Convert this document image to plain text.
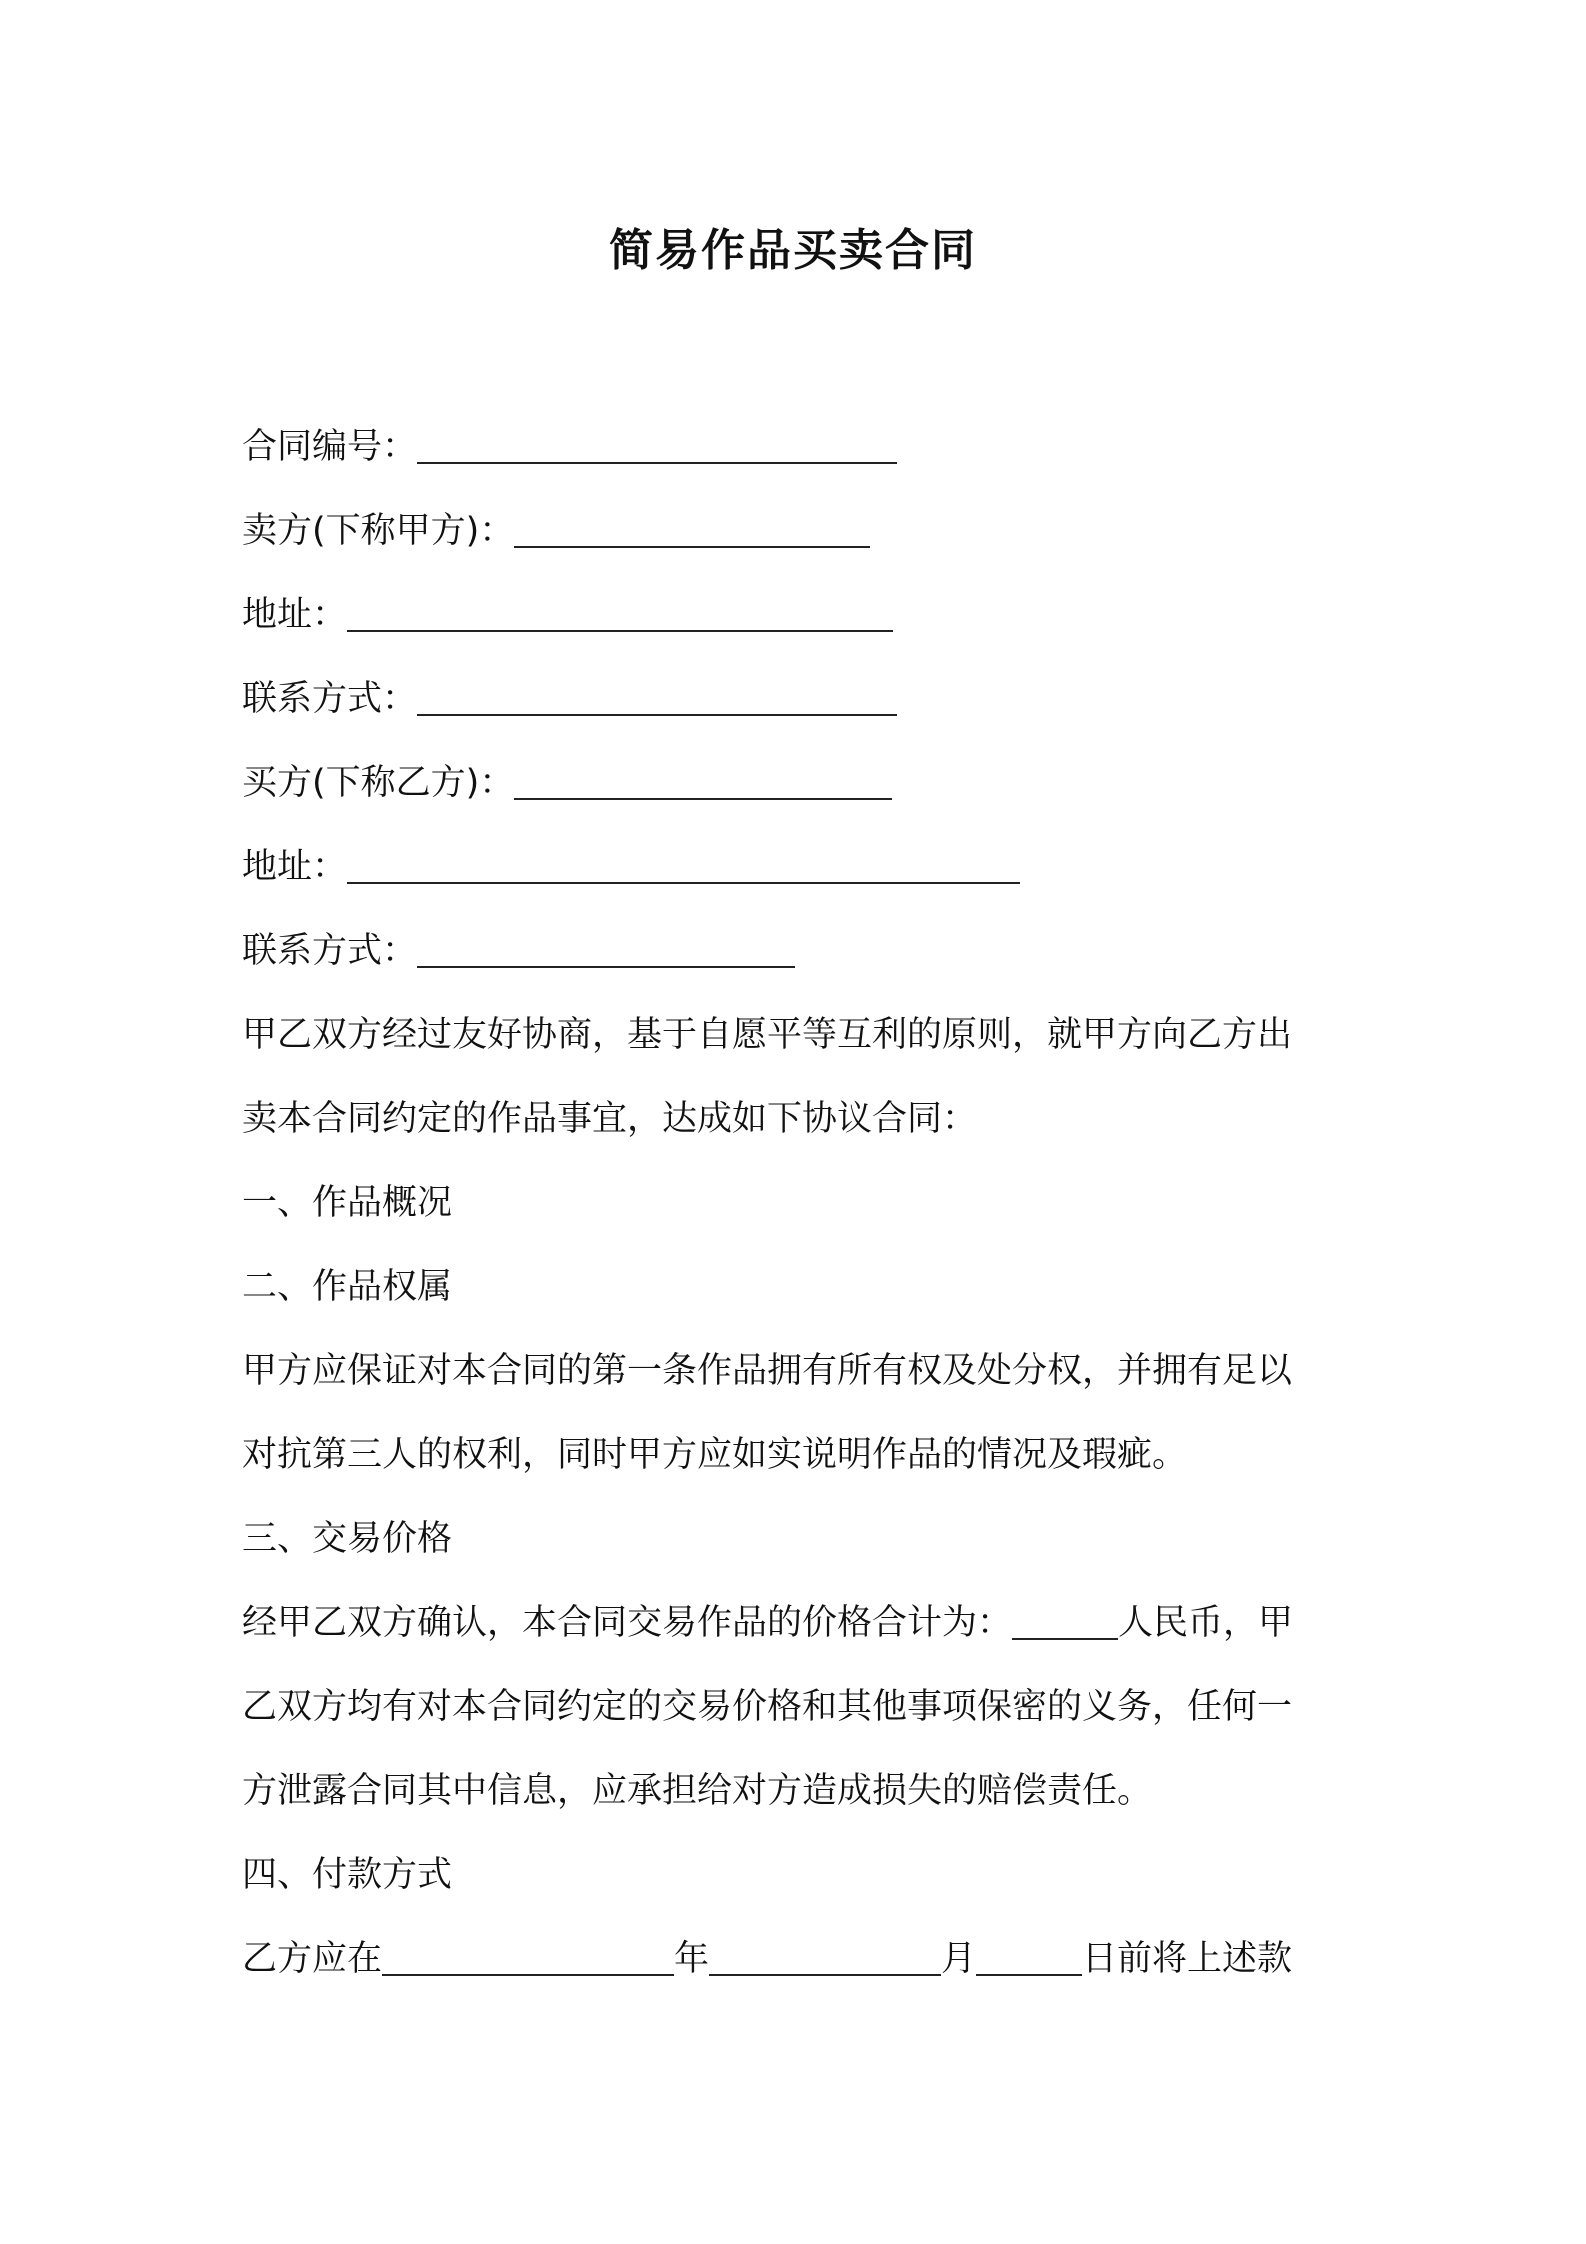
简易作品买卖合同
合同编号：
卖方(下称甲方)：
地址：
联系方式：
买方(下称乙方)：
地址：
联系方式：
甲乙双方经过友好协商，基于自愿平等互利的原则，就甲方向乙方出
卖本合同约定的作品事宜，达成如下协议合同：
一、作品概况
二、作品权属
甲方应保证对本合同的第一条作品拥有所有权及处分权，并拥有足以
对抗第三人的权利，同时甲方应如实说明作品的情况及瑕疵。
三、交易价格
经甲乙双方确认，本合同交易作品的价格合计为：	人民币，甲
乙双方均有对本合同约定的交易价格和其他事项保密的义务，任何一
方泄露合同其中信息，应承担给对方造成损失的赔偿责任。
四、付款方式
乙方应在	年	月	日前将上述款
